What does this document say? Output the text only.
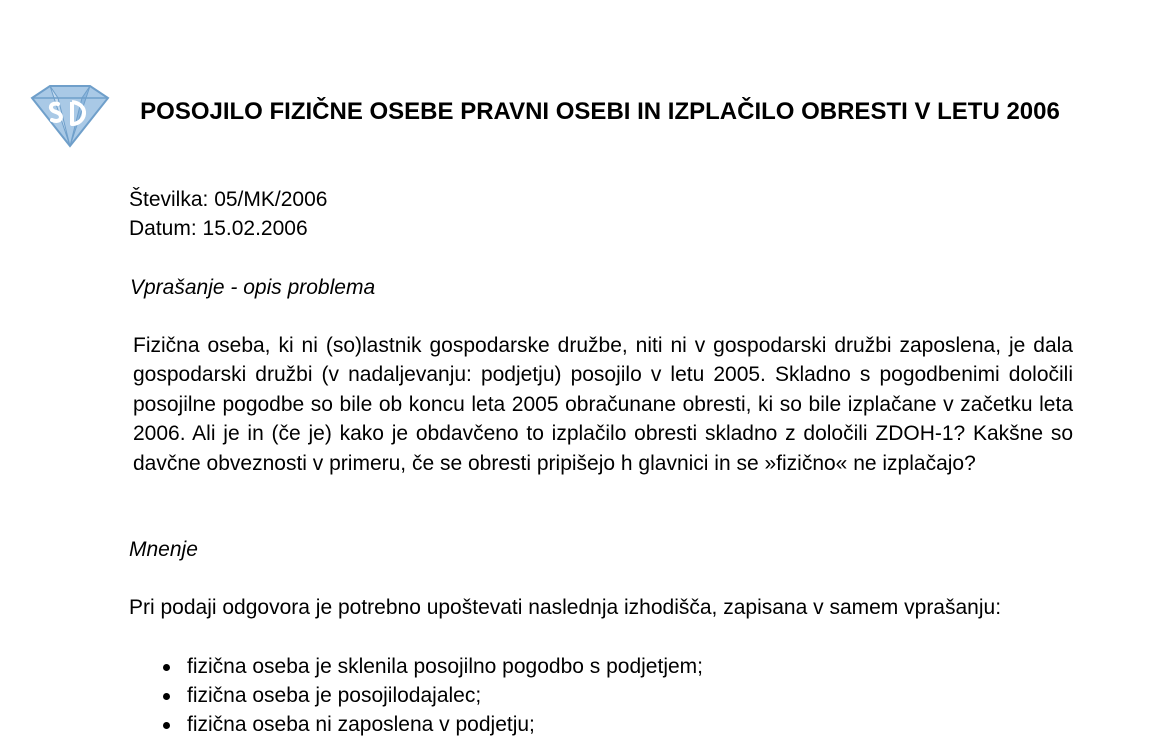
POSOJILO FIZIČNE OSEBE PRAVNI OSEBI IN IZPLAČILO OBRESTI V LETU 2006
Številka: 05/MK/2006
Datum: 15.02.2006
Vprašanje - opis problema
Fizična oseba, ki ni (so)lastnik gospodarske družbe, niti ni v gospodarski družbi zaposlena, je dala gospodarski družbi (v nadaljevanju: podjetju) posojilo v letu 2005. Skladno s pogodbenimi določili posojilne pogodbe so bile ob koncu leta 2005 obračunane obresti, ki so bile izplačane v začetku leta 2006. Ali je in (če je) kako je obdavčeno to izplačilo obresti skladno z določili ZDOH-1? Kakšne so davčne obveznosti v primeru, če se obresti pripišejo h glavnici in se »fizično« ne izplačajo?
Mnenje
Pri podaji odgovora je potrebno upoštevati naslednja izhodišča, zapisana v samem vprašanju:
fizična oseba je sklenila posojilno pogodbo s podjetjem;
fizična oseba je posojilodajalec;
fizična oseba ni zaposlena v podjetju;
